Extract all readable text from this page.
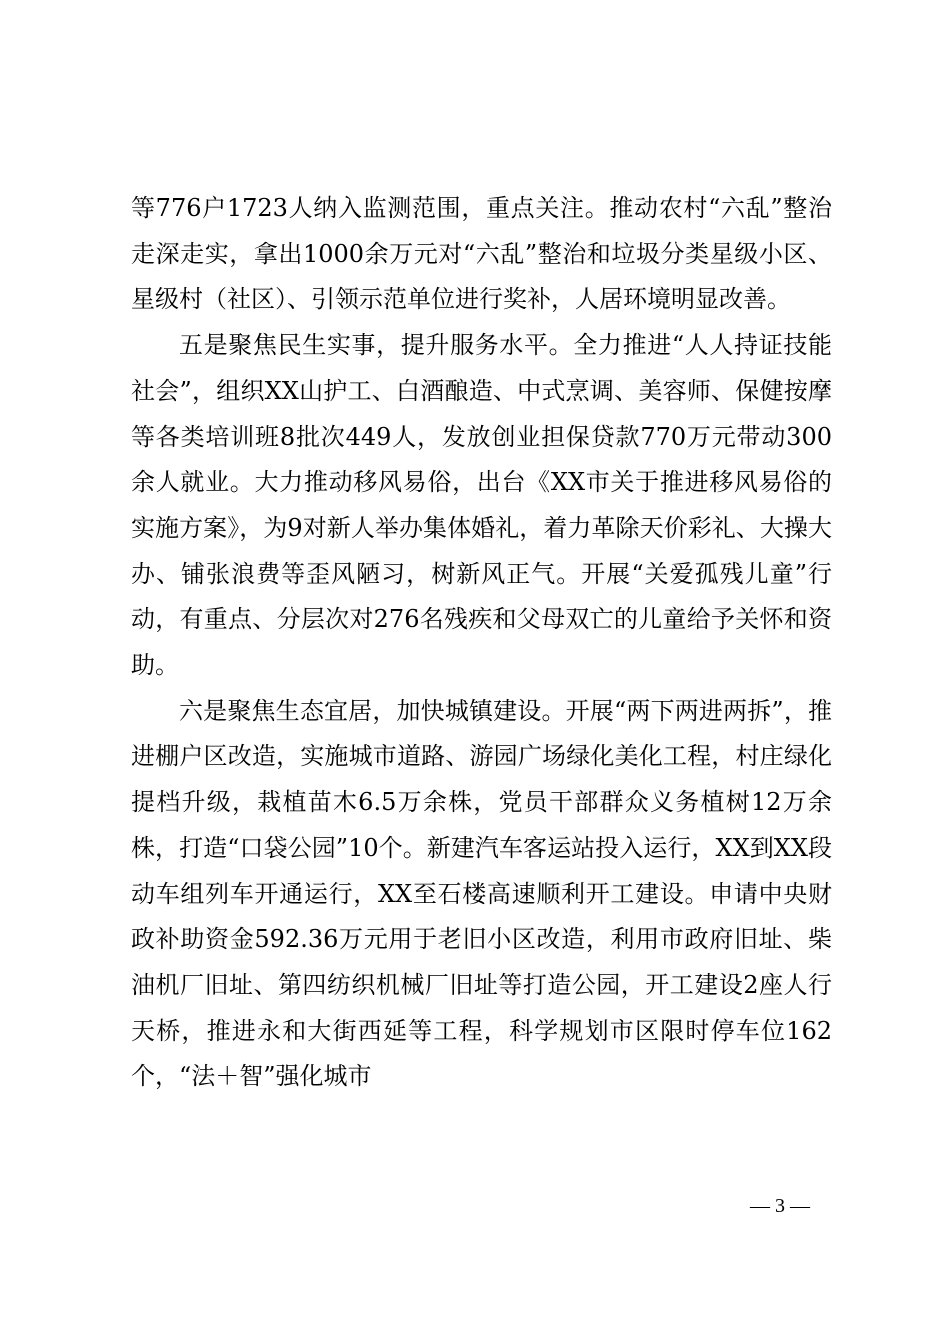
等776户1723人纳入监测范围，重点关注。推动农村“六乱”整治走深走实，拿出1000余万元对“六乱”整治和垃圾分类星级小区、星级村（社区）、引领示范单位进行奖补，人居环境明显改善。

五是聚焦民生实事，提升服务水平。全力推进“人人持证技能社会”，组织XX山护工、白酒酿造、中式烹调、美容师、保健按摩等各类培训班8批次449人，发放创业担保贷款770万元带动300余人就业。大力推动移风易俗，出台《XX市关于推进移风易俗的实施方案》，为9对新人举办集体婚礼，着力革除天价彩礼、大操大办、铺张浪费等歪风陋习，树新风正气。开展“关爱孤残儿童”行动，有重点、分层次对276名残疾和父母双亡的儿童给予关怀和资助。

六是聚焦生态宜居，加快城镇建设。开展“两下两进两拆”，推进棚户区改造，实施城市道路、游园广场绿化美化工程，村庄绿化提档升级，栽植苗木6.5万余株，党员干部群众义务植树12万余株，打造“口袋公园”10个。新建汽车客运站投入运行，XX到XX段动车组列车开通运行，XX至石楼高速顺利开工建设。申请中央财政补助资金592.36万元用于老旧小区改造，利用市政府旧址、柴油机厂旧址、第四纺织机械厂旧址等打造公园，开工建设2座人行天桥，推进永和大街西延等工程，科学规划市区限时停车位162个，“法＋智”强化城市

— 3 —
